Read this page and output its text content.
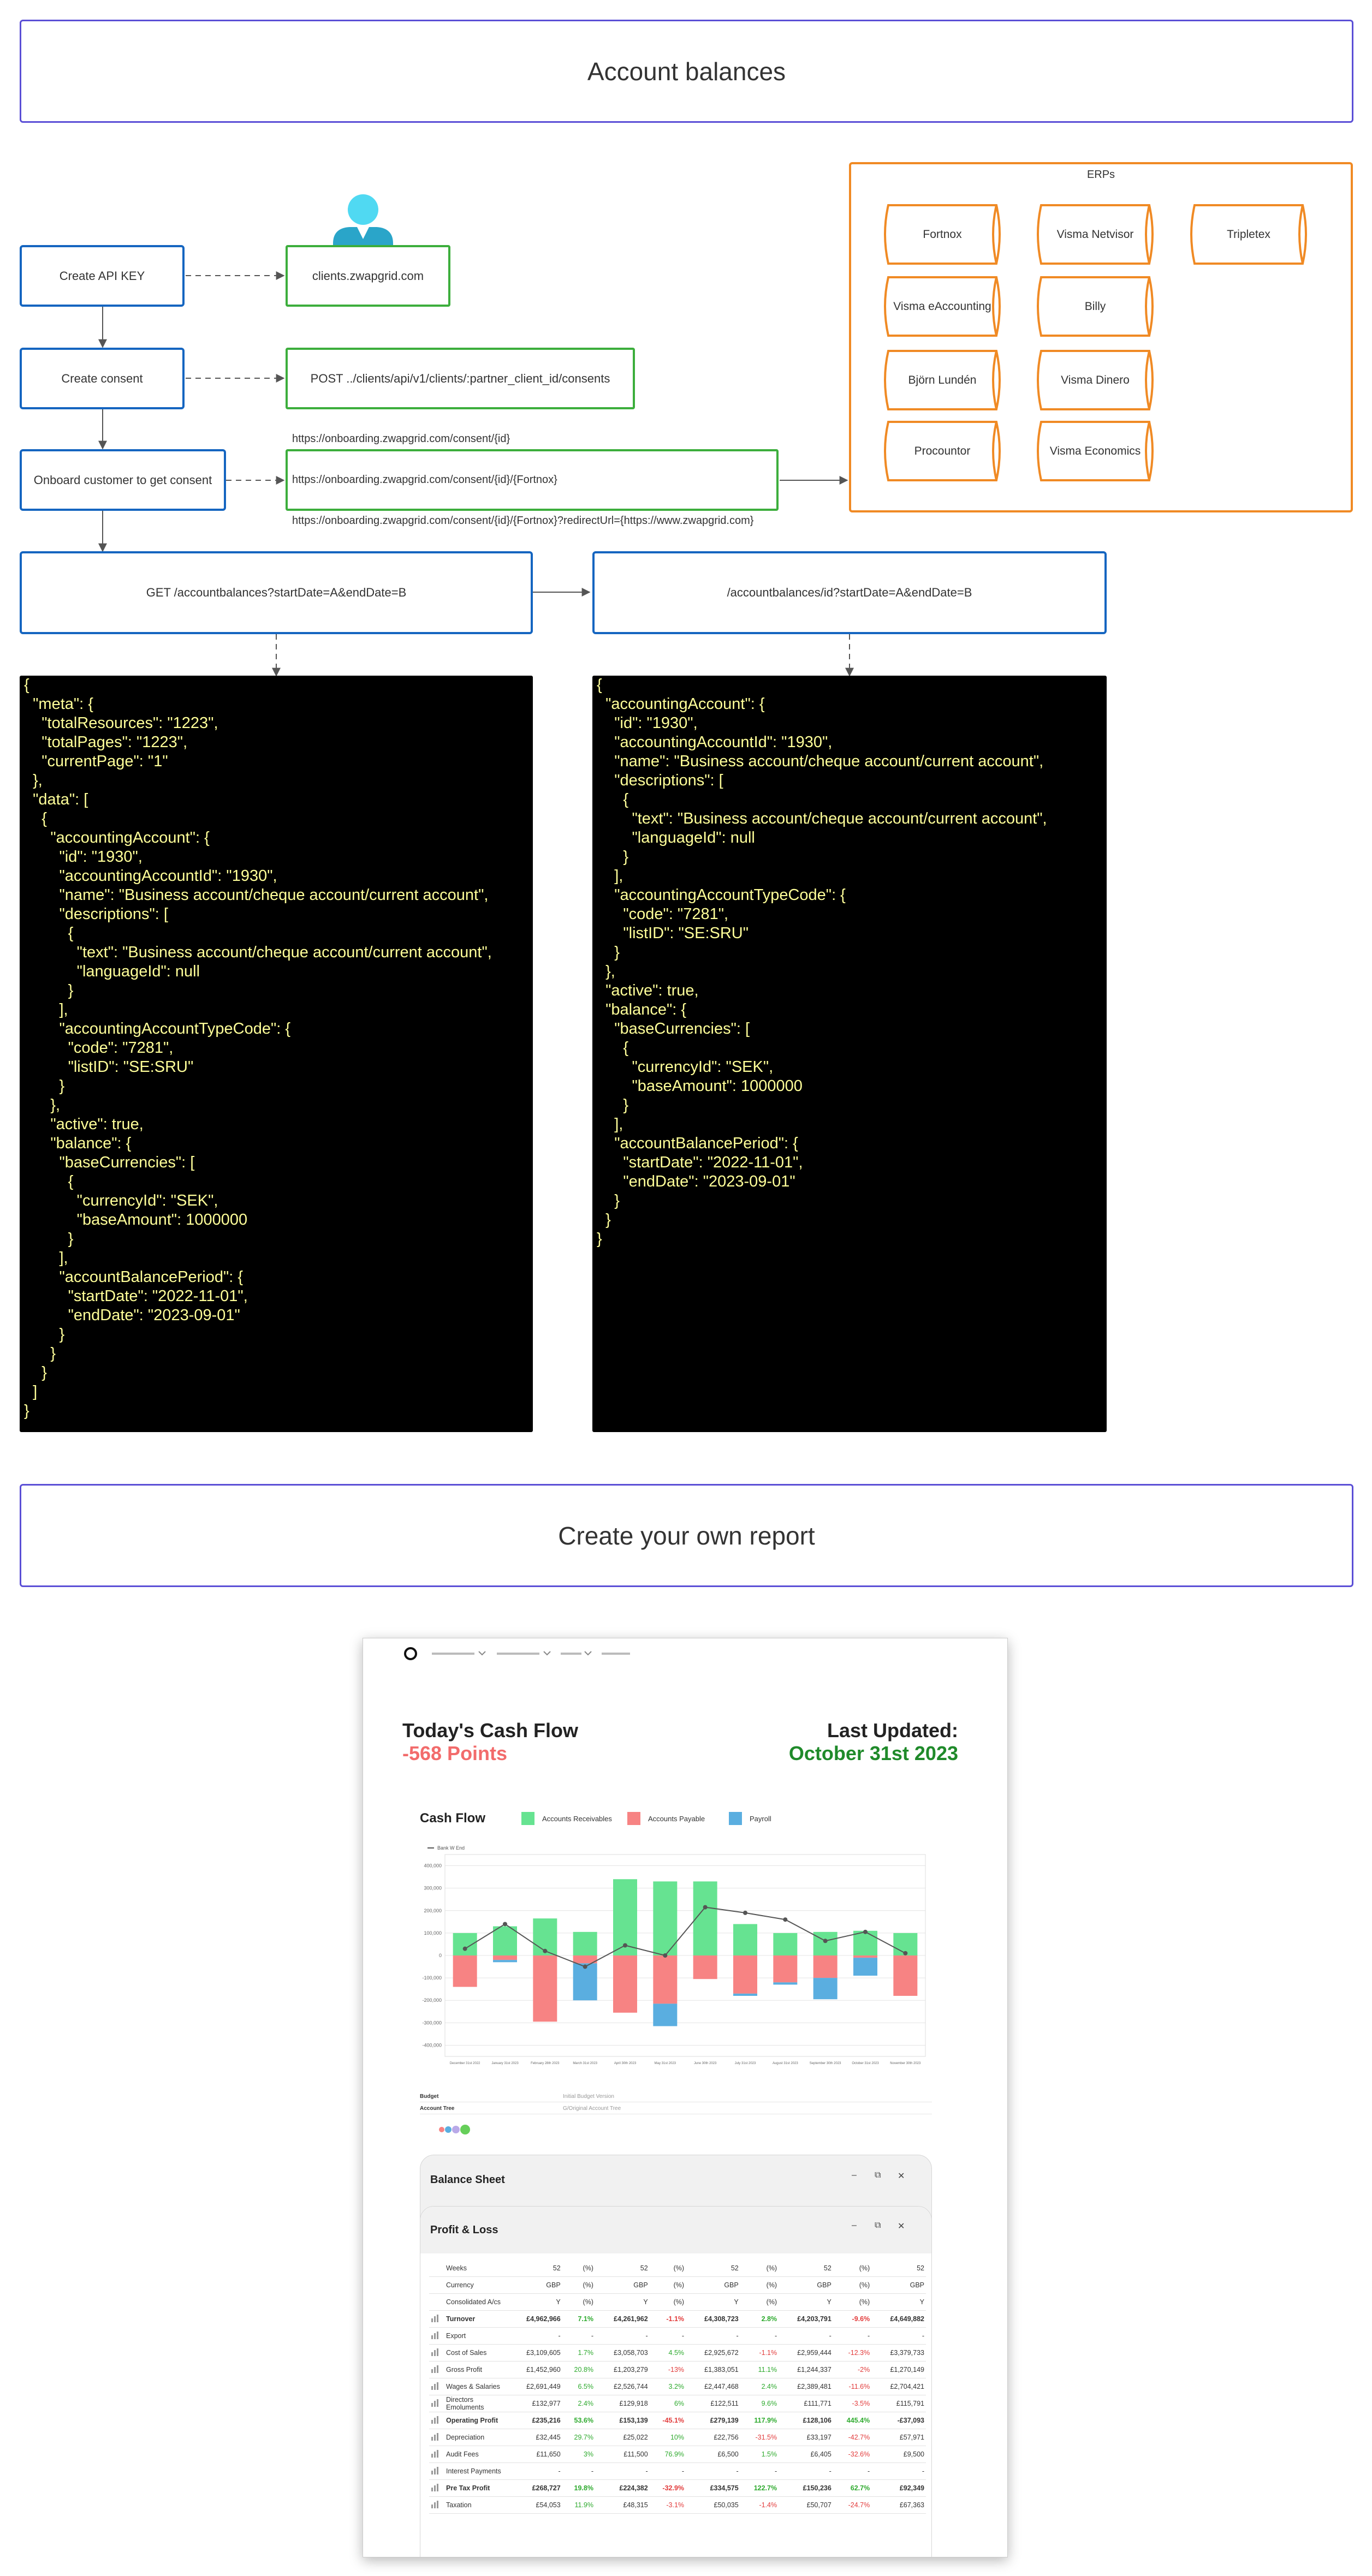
Account balances
Create API KEY
Create consent
Onboard customer to get consent
clients.zwapgrid.com
POST ../clients/api/v1/clients/:partner_client_id/consents

https://onboarding.zwapgrid.com/consent/{id}

https://onboarding.zwapgrid.com/consent/{id}/{Fortnox}

https://onboarding.zwapgrid.com/consent/{id}/{Fortnox}?redirectUrl={https://www.zwapgrid.com}

ERPs
Fortnox	Visma Netvisor	Tripletex
Visma eAccounting	Billy
Björn Lundén	Visma Dinero
Procountor	Visma Economics
GET /accountbalances?startDate=A&endDate=B	/accountbalances/id?startDate=A&endDate=B
{
"meta": {
"totalResources": "1223",
"totalPages": "1223",
"currentPage": "1"
},
"data": [
{
"accountingAccount": {
"id": "1930",
"accountingAccountId": "1930",
"name": "Business account/cheque account/current account",
"descriptions": [
{
"text": "Business account/cheque account/current account",
"languageId": null
}
],
"accountingAccountTypeCode": {
"code": "7281",
"listID": "SE:SRU"
}
},
"active": true,
"balance": {
"baseCurrencies": [
{
"currencyId": "SEK",
"baseAmount": 1000000
}
],
"accountBalancePeriod": {
"startDate": "2022-11-01",
"endDate": "2023-09-01"
}
}
}
]
}
{
"accountingAccount": {
"id": "1930",
"accountingAccountId": "1930",
"name": "Business account/cheque account/current account",
"descriptions": [
{
"text": "Business account/cheque account/current account",
"languageId": null
}
],
"accountingAccountTypeCode": {
"code": "7281",
"listID": "SE:SRU"
}
},
"active": true,
"balance": {
"baseCurrencies": [
{
"currencyId": "SEK",
"baseAmount": 1000000
}
],
"accountBalancePeriod": {
"startDate": "2022-11-01",
"endDate": "2023-09-01"
}
}
}
Create your own report
Today's Cash Flow
-568 Points
Last Updated:
October 31st 2023
Cash Flow	Accounts Receivables	Accounts Payable	Payroll
Bank W End
400,000
300,000
200,000
100,000
0
-100,000
-200,000
-300,000
-400,000
December 31st 2022	January 31st 2023	February 28th 2023	March 31st 2023	April 30th 2023	May 31st 2023	June 30th 2023	July 31st 2023	August 31st 2023	September 30th 2023	October 31st 2023	November 30th 2023
Budget	Initial Budget Version
Account Tree	G/Original Account Tree
Balance Sheet	– ⧉ ✕
Profit & Loss	– ⧉ ✕
	Weeks	52	(%)	52	(%)	52	(%)	52	(%)	52
	Currency	GBP	(%)	GBP	(%)	GBP	(%)	GBP	(%)	GBP
	Consolidated A/cs	Y	(%)	Y	(%)	Y	(%)	Y	(%)	Y
	Turnover	£4,962,966	7.1%	£4,261,962	-1.1%	£4,308,723	2.8%	£4,203,791	-9.6%	£4,649,882
	Export	-	-	-	-	-	-	-	-	-
	Cost of Sales	£3,109,605	1.7%	£3,058,703	4.5%	£2,925,672	-1.1%	£2,959,444	-12.3%	£3,379,733
	Gross Profit	£1,452,960	20.8%	£1,203,279	-13%	£1,383,051	11.1%	£1,244,337	-2%	£1,270,149
	Wages & Salaries	£2,691,449	6.5%	£2,526,744	3.2%	£2,447,468	2.4%	£2,389,481	-11.6%	£2,704,421
	Directors Emoluments	£132,977	2.4%	£129,918	6%	£122,511	9.6%	£111,771	-3.5%	£115,791
	Operating Profit	£235,216	53.6%	£153,139	-45.1%	£279,139	117.9%	£128,106	445.4%	-£37,093
	Depreciation	£32,445	29.7%	£25,022	10%	£22,756	-31.5%	£33,197	-42.7%	£57,971
	Audit Fees	£11,650	3%	£11,500	76.9%	£6,500	1.5%	£6,405	-32.6%	£9,500
	Interest Payments	-	-	-	-	-	-	-	-	-
	Pre Tax Profit	£268,727	19.8%	£224,382	-32.9%	£334,575	122.7%	£150,236	62.7%	£92,349
	Taxation	£54,053	11.9%	£48,315	-3.1%	£50,035	-1.4%	£50,707	-24.7%	£67,363
